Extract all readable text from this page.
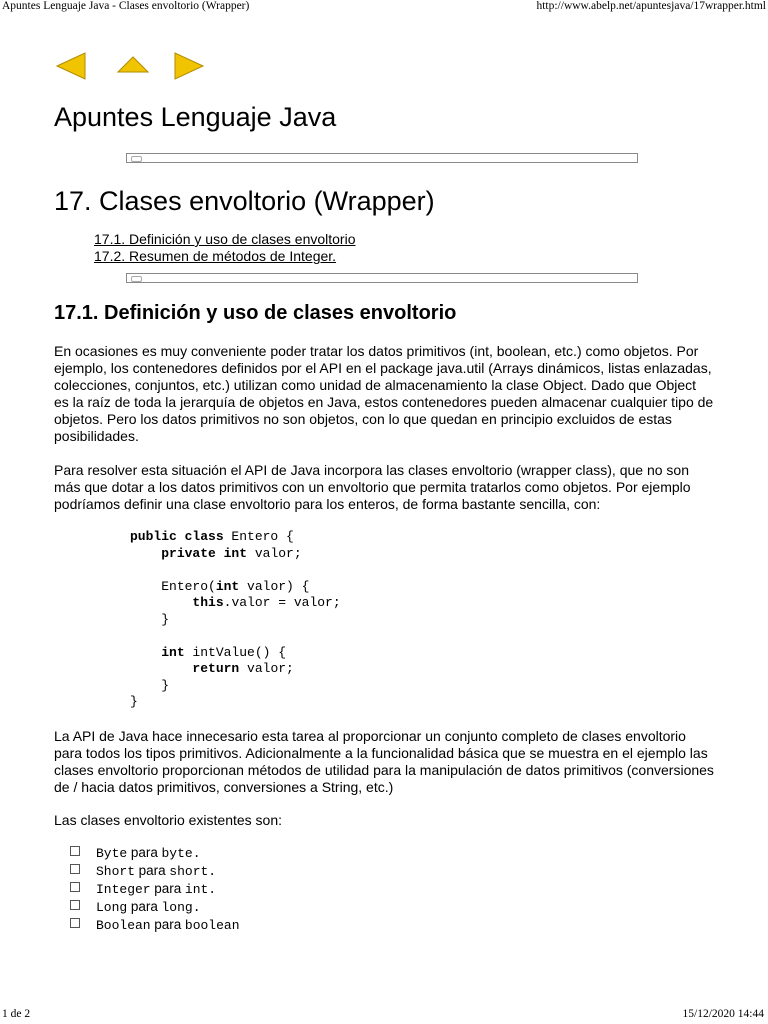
Apuntes Lenguaje Java - Clases envoltorio (Wrapper)	http://www.abelp.net/apuntesjava/17wrapper.html
Apuntes Lenguaje Java
17. Clases envoltorio (Wrapper)
17.1. Definición y uso de clases envoltorio
17.2. Resumen de métodos de Integer.
17.1. Definición y uso de clases envoltorio

En ocasiones es muy conveniente poder tratar los datos primitivos (int, boolean, etc.) como objetos. Por ejemplo, los contenedores definidos por el API en el package java.util (Arrays dinámicos, listas enlazadas, colecciones, conjuntos, etc.) utilizan como unidad de almacenamiento la clase Object. Dado que Object es la raíz de toda la jerarquía de objetos en Java, estos contenedores pueden almacenar cualquier tipo de objetos. Pero los datos primitivos no son objetos, con lo que quedan en principio excluidos de estas posibilidades.

Para resolver esta situación el API de Java incorpora las clases envoltorio (wrapper class), que no son más que dotar a los datos primitivos con un envoltorio que permita tratarlos como objetos. Por ejemplo podríamos definir una clase envoltorio para los enteros, de forma bastante sencilla, con:

public class Entero {
private int valor;

Entero(int valor) {
this.valor = valor;
}

int intValue() {
return valor;
}
}

La API de Java hace innecesario esta tarea al proporcionar un conjunto completo de clases envoltorio para todos los tipos primitivos. Adicionalmente a la funcionalidad básica que se muestra en el ejemplo las clases envoltorio proporcionan métodos de utilidad para la manipulación de datos primitivos (conversiones de / hacia datos primitivos, conversiones a String, etc.)

Las clases envoltorio existentes son:

Byte para byte.
Short para short.
Integer para int.
Long para long.
Boolean para boolean
1 de 2	15/12/2020 14:44
